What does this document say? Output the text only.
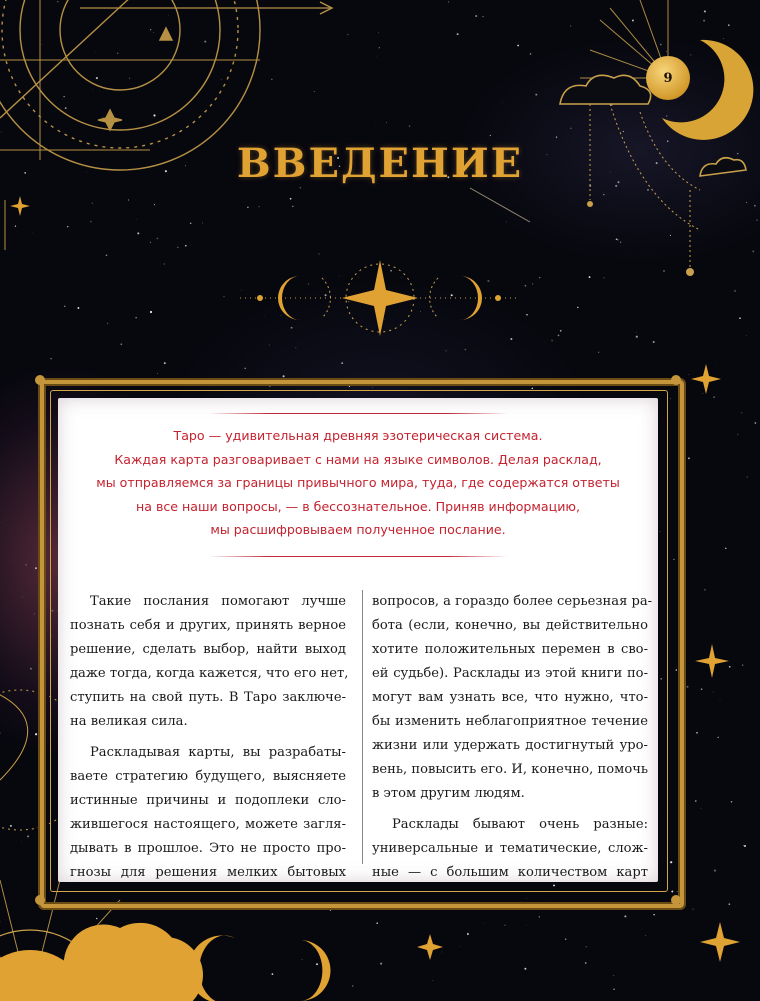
9
ВВЕДЕНИЕ
Таро — удивительная древняя эзотерическая система.
Каждая карта разговаривает с нами на языке символов. Делая расклад,
мы отправляемся за границы привычного мира, туда, где содержатся ответы
на все наши вопросы, — в бессознательное. Приняв информацию,
мы расшифровываем полученное послание.
Такие послания помогают лучше
познать себя и других, принять верное
решение, сделать выбор, найти выход
даже тогда, когда кажется, что его нет,
ступить на свой путь. В Таро заключе-
на великая сила.
Раскладывая карты, вы разрабаты-
ваете стратегию будущего, выясняете
истинные причины и подоплеки сло-
жившегося настоящего, можете загля-
дывать в прошлое. Это не просто про-
гнозы для решения мелких бытовых
вопросов, а гораздо более серьезная ра-
бота (если, конечно, вы действительно
хотите положительных перемен в сво-
ей судьбе). Расклады из этой книги по-
могут вам узнать все, что нужно, что-
бы изменить неблагоприятное течение
жизни или удержать достигнутый уро-
вень, повысить его. И, конечно, помочь
в этом другим людям.
Расклады бывают очень разные:
универсальные и тематические, слож-
ные — с большим количеством карт
